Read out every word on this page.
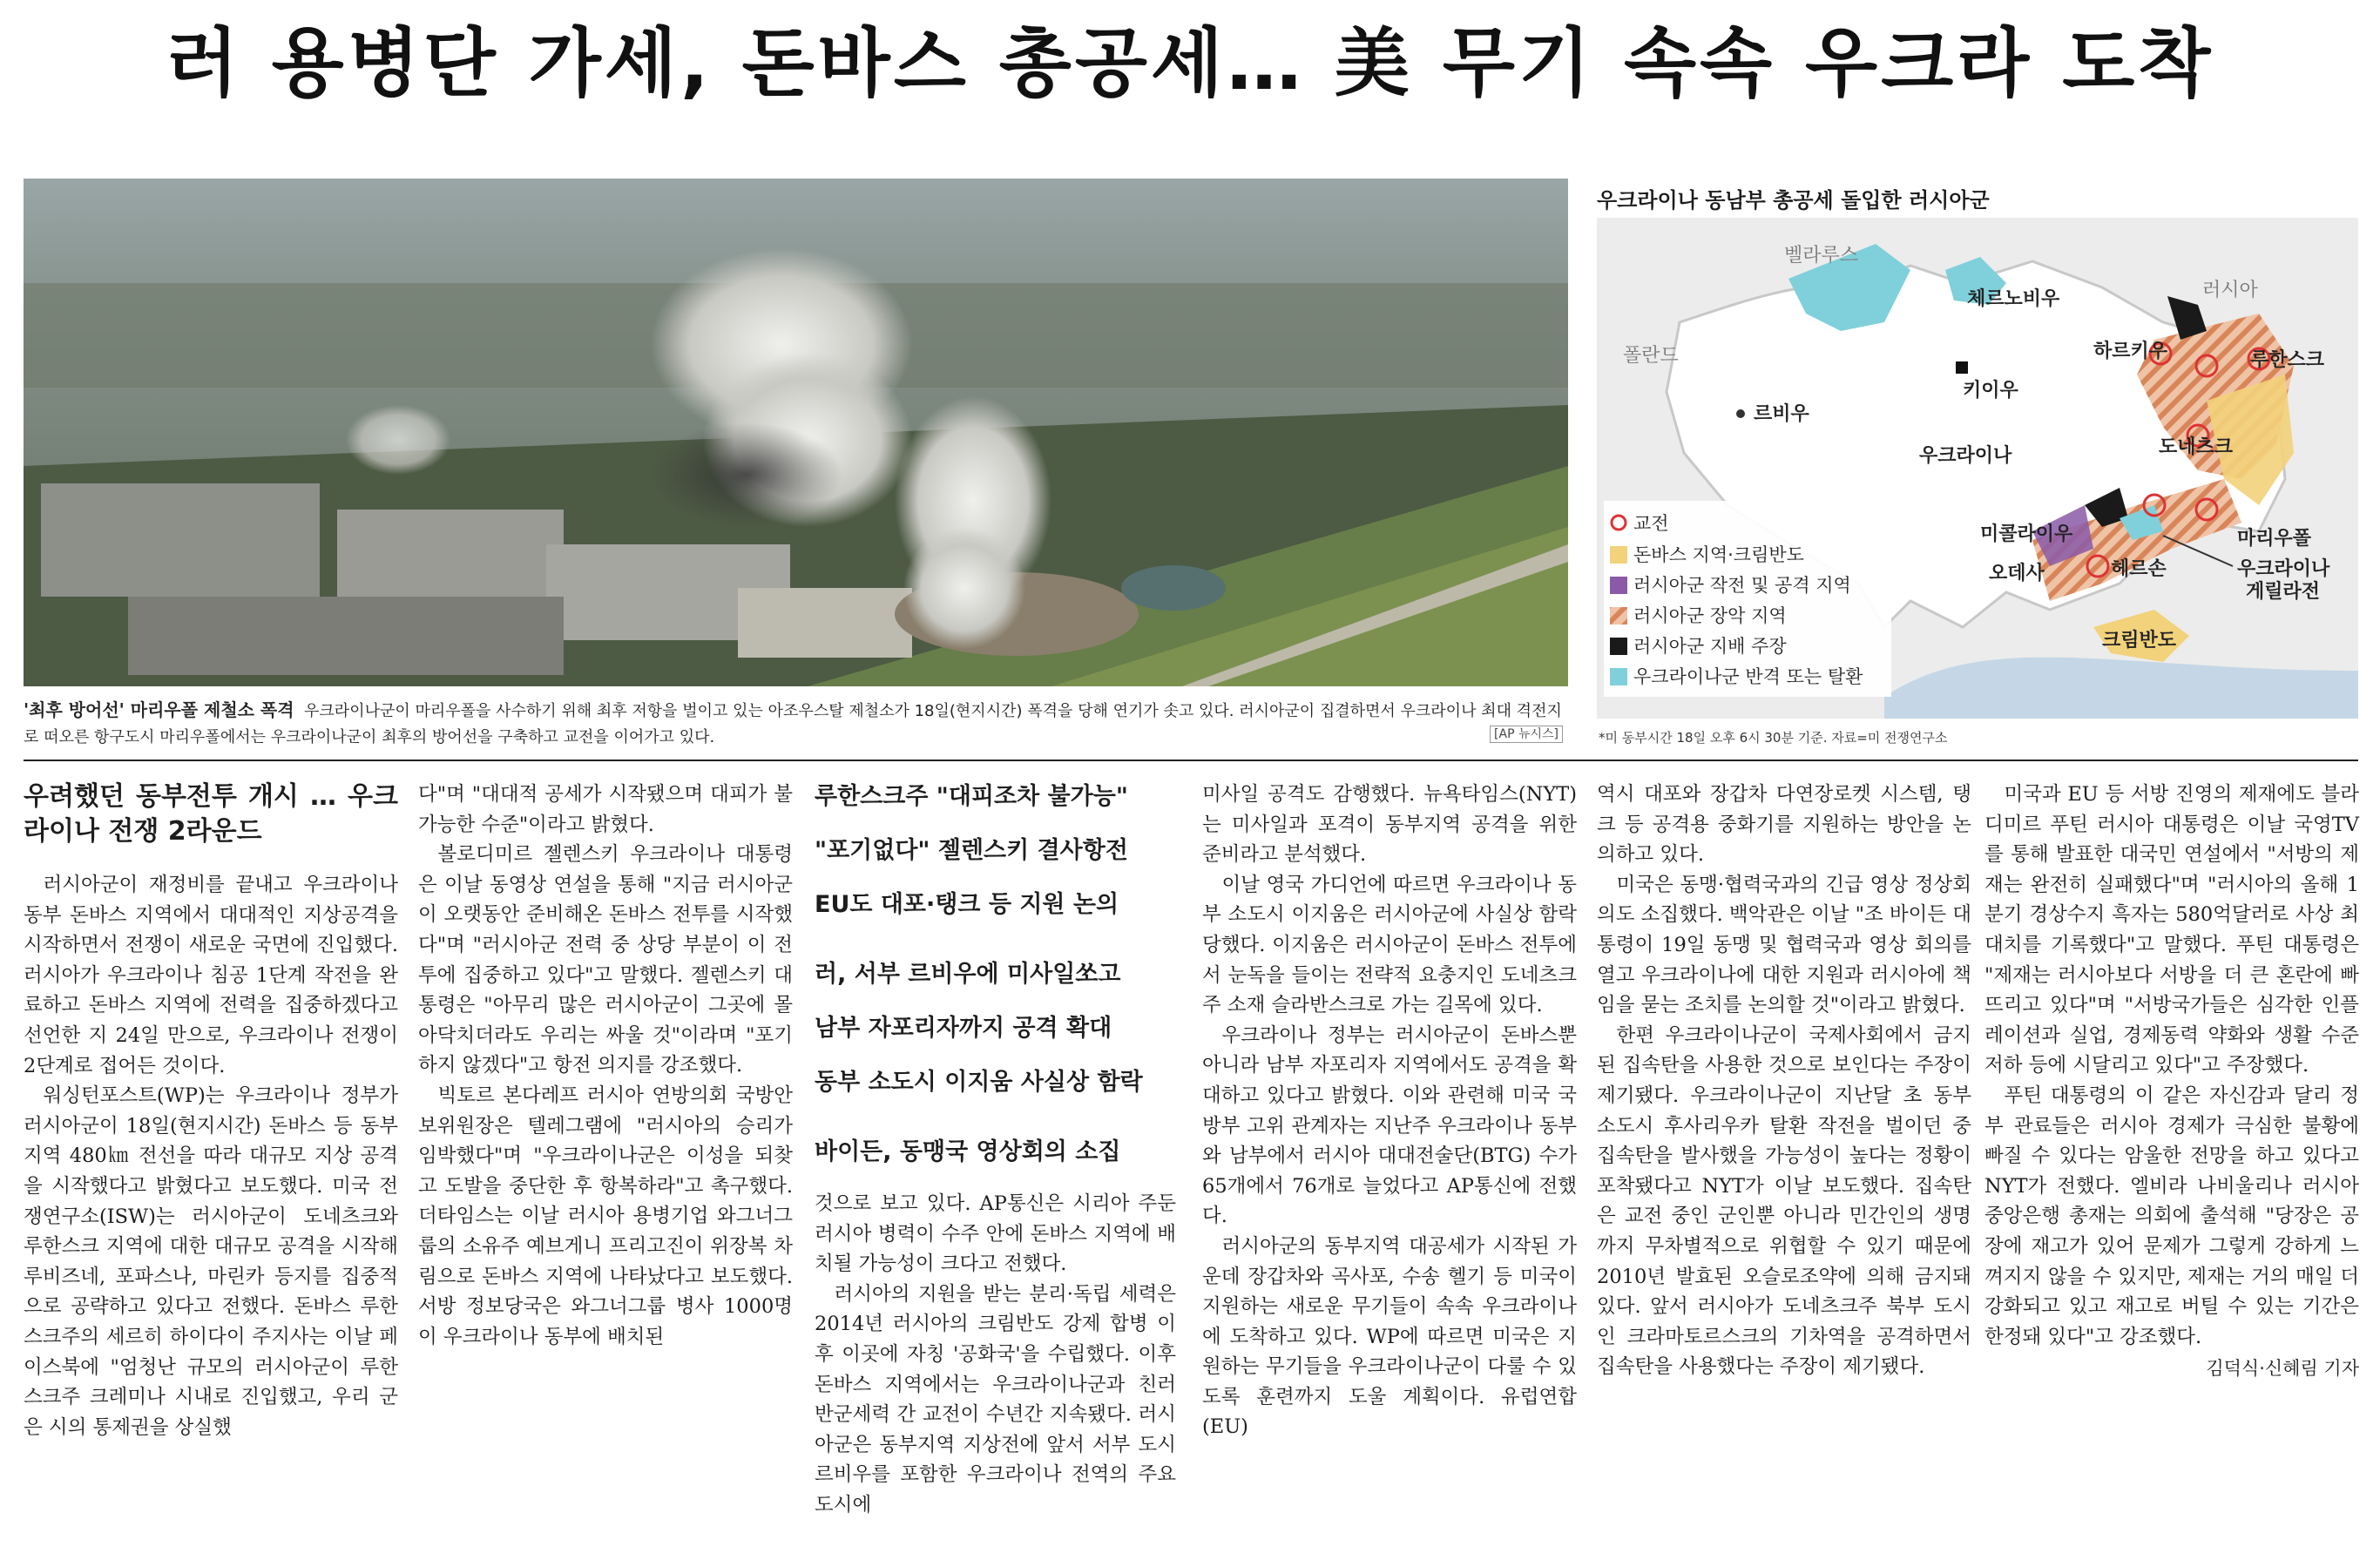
러 용병단 가세, 돈바스 총공세… 美 무기 속속 우크라 도착
'최후 방어선' 마리우폴 제철소 폭격 우크라이나군이 마리우폴을 사수하기 위해 최후 저항을 벌이고 있는 아조우스탈 제철소가 18일(현지시간) 폭격을 당해 연기가 솟고 있다. 러시아군이 집결하면서 우크라이나 최대 격전지로 떠오른 항구도시 마리우폴에서는 우크라이나군이 최후의 방어선을 구축하고 교전을 이어가고 있다.	[AP 뉴시스]
우크라이나 동남부 총공세 돌입한 러시아군
벨라루스
러시아
폴란드
체르노비우
키이우
하르키우	루한스크
르비우
우크라이나	도네츠크
미콜라이우
오데사	헤르손
마리우폴
우크라이나
게릴라전
크림반도
교전
돈바스 지역·크림반도
러시아군 작전 및 공격 지역
러시아군 장악 지역
러시아군 지배 주장
우크라이나군 반격 또는 탈환
*미 동부시간 18일 오후 6시 30분 기준. 자료=미 전쟁연구소

우려했던 동부전투 개시 … 우크라이나 전쟁 2라운드

러시아군이 재정비를 끝내고 우크라이나 동부 돈바스 지역에서 대대적인 지상공격을 시작하면서 전쟁이 새로운 국면에 진입했다. 러시아가 우크라이나 침공 1단계 작전을 완료하고 돈바스 지역에 전력을 집중하겠다고 선언한 지 24일 만으로, 우크라이나 전쟁이 2단계로 접어든 것이다.

워싱턴포스트(WP)는 우크라이나 정부가 러시아군이 18일(현지시간) 돈바스 등 동부지역 480㎞ 전선을 따라 대규모 지상 공격을 시작했다고 밝혔다고 보도했다. 미국 전쟁연구소(ISW)는 러시아군이 도네츠크와 루한스크 지역에 대한 대규모 공격을 시작해 루비즈네, 포파스나, 마린카 등지를 집중적으로 공략하고 있다고 전했다. 돈바스 루한스크주의 세르히 하이다이 주지사는 이날 페이스북에 "엄청난 규모의 러시아군이 루한스크주 크레미나 시내로 진입했고, 우리 군은 시의 통제권을 상실했

다"며 "대대적 공세가 시작됐으며 대피가 불가능한 수준"이라고 밝혔다.

볼로디미르 젤렌스키 우크라이나 대통령은 이날 동영상 연설을 통해 "지금 러시아군이 오랫동안 준비해온 돈바스 전투를 시작했다"며 "러시아군 전력 중 상당 부분이 이 전투에 집중하고 있다"고 말했다. 젤렌스키 대통령은 "아무리 많은 러시아군이 그곳에 몰아닥치더라도 우리는 싸울 것"이라며 "포기하지 않겠다"고 항전 의지를 강조했다.

빅토르 본다레프 러시아 연방의회 국방안보위원장은 텔레그램에 "러시아의 승리가 임박했다"며 "우크라이나군은 이성을 되찾고 도발을 중단한 후 항복하라"고 촉구했다. 더타임스는 이날 러시아 용병기업 와그너그룹의 소유주 예브게니 프리고진이 위장복 차림으로 돈바스 지역에 나타났다고 보도했다. 서방 정보당국은 와그너그룹 병사 1000명이 우크라이나 동부에 배치된

루한스크주 "대피조차 불가능"
"포기없다" 젤렌스키 결사항전
EU도 대포·탱크 등 지원 논의
러, 서부 르비우에 미사일쏘고
남부 자포리자까지 공격 확대
동부 소도시 이지움 사실상 함락
바이든, 동맹국 영상회의 소집

것으로 보고 있다. AP통신은 시리아 주둔 러시아 병력이 수주 안에 돈바스 지역에 배치될 가능성이 크다고 전했다.

러시아의 지원을 받는 분리·독립 세력은 2014년 러시아의 크림반도 강제 합병 이후 이곳에 자칭 '공화국'을 수립했다. 이후 돈바스 지역에서는 우크라이나군과 친러 반군세력 간 교전이 수년간 지속됐다. 러시아군은 동부지역 지상전에 앞서 서부 도시 르비우를 포함한 우크라이나 전역의 주요 도시에

미사일 공격도 감행했다. 뉴욕타임스(NYT)는 미사일과 포격이 동부지역 공격을 위한 준비라고 분석했다.

이날 영국 가디언에 따르면 우크라이나 동부 소도시 이지움은 러시아군에 사실상 함락당했다. 이지움은 러시아군이 돈바스 전투에서 눈독을 들이는 전략적 요충지인 도네츠크주 소재 슬라반스크로 가는 길목에 있다.

우크라이나 정부는 러시아군이 돈바스뿐 아니라 남부 자포리자 지역에서도 공격을 확대하고 있다고 밝혔다. 이와 관련해 미국 국방부 고위 관계자는 지난주 우크라이나 동부와 남부에서 러시아 대대전술단(BTG) 수가 65개에서 76개로 늘었다고 AP통신에 전했다.

러시아군의 동부지역 대공세가 시작된 가운데 장갑차와 곡사포, 수송 헬기 등 미국이 지원하는 새로운 무기들이 속속 우크라이나에 도착하고 있다. WP에 따르면 미국은 지원하는 무기들을 우크라이나군이 다룰 수 있도록 훈련까지 도울 계획이다. 유럽연합(EU)

역시 대포와 장갑차 다연장로켓 시스템, 탱크 등 공격용 중화기를 지원하는 방안을 논의하고 있다.

미국은 동맹·협력국과의 긴급 영상 정상회의도 소집했다. 백악관은 이날 "조 바이든 대통령이 19일 동맹 및 협력국과 영상 회의를 열고 우크라이나에 대한 지원과 러시아에 책임을 묻는 조치를 논의할 것"이라고 밝혔다.

한편 우크라이나군이 국제사회에서 금지된 집속탄을 사용한 것으로 보인다는 주장이 제기됐다. 우크라이나군이 지난달 초 동부 소도시 후사리우카 탈환 작전을 벌이던 중 집속탄을 발사했을 가능성이 높다는 정황이 포착됐다고 NYT가 이날 보도했다. 집속탄은 교전 중인 군인뿐 아니라 민간인의 생명까지 무차별적으로 위협할 수 있기 때문에 2010년 발효된 오슬로조약에 의해 금지돼 있다. 앞서 러시아가 도네츠크주 북부 도시인 크라마토르스크의 기차역을 공격하면서 집속탄을 사용했다는 주장이 제기됐다.

미국과 EU 등 서방 진영의 제재에도 블라디미르 푸틴 러시아 대통령은 이날 국영TV를 통해 발표한 대국민 연설에서 "서방의 제재는 완전히 실패했다"며 "러시아의 올해 1분기 경상수지 흑자는 580억달러로 사상 최대치를 기록했다"고 말했다. 푸틴 대통령은 "제재는 러시아보다 서방을 더 큰 혼란에 빠뜨리고 있다"며 "서방국가들은 심각한 인플레이션과 실업, 경제동력 약화와 생활 수준 저하 등에 시달리고 있다"고 주장했다.

푸틴 대통령의 이 같은 자신감과 달리 정부 관료들은 러시아 경제가 극심한 불황에 빠질 수 있다는 암울한 전망을 하고 있다고 NYT가 전했다. 엘비라 나비울리나 러시아 중앙은행 총재는 의회에 출석해 "당장은 공장에 재고가 있어 문제가 그렇게 강하게 느껴지지 않을 수 있지만, 제재는 거의 매일 더 강화되고 있고 재고로 버틸 수 있는 기간은 한정돼 있다"고 강조했다.

김덕식·신혜림 기자
